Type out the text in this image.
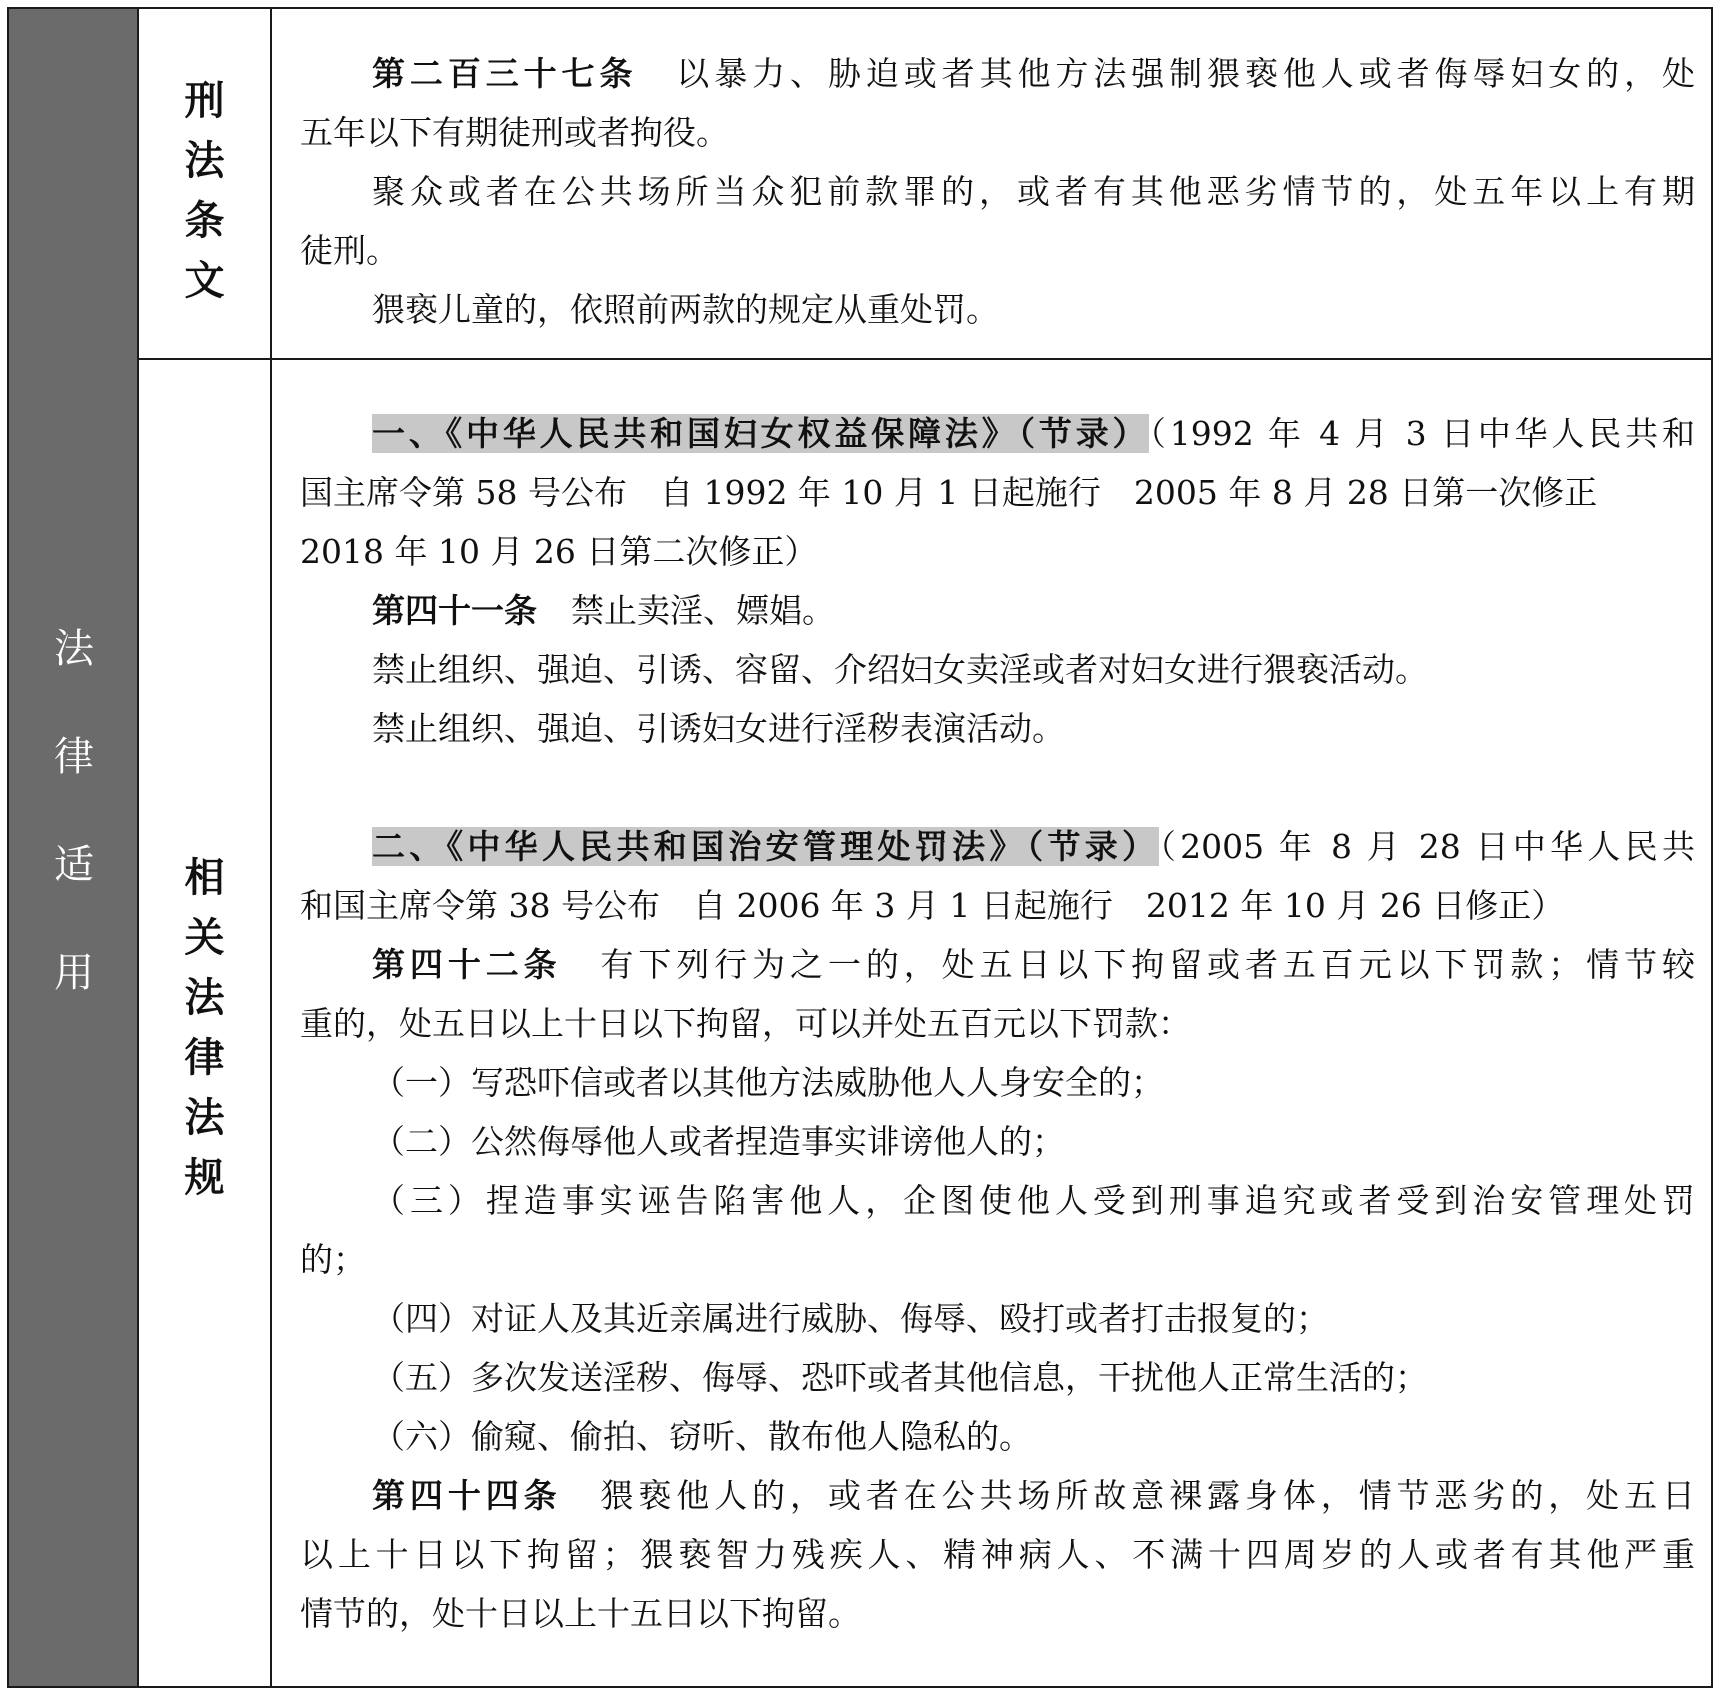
法
律
适
用
刑
法
条
文
第二百三十七条 以暴力、胁迫或者其他方法强制猥亵他人或者侮辱妇女的，处
五年以下有期徒刑或者拘役。
聚众或者在公共场所当众犯前款罪的，或者有其他恶劣情节的，处五年以上有期
徒刑。
猥亵儿童的，依照前两款的规定从重处罚。
相
关
法
律
法
规
一、《中华人民共和国妇女权益保障法》（节录）（1992 年 4 月 3 日中华人民共和
国主席令第 58 号公布　自 1992 年 10 月 1 日起施行　2005 年 8 月 28 日第一次修正
2018 年 10 月 26 日第二次修正）
第四十一条 禁止卖淫、嫖娼。
禁止组织、强迫、引诱、容留、介绍妇女卖淫或者对妇女进行猥亵活动。
禁止组织、强迫、引诱妇女进行淫秽表演活动。
二、《中华人民共和国治安管理处罚法》（节录）（2005 年 8 月 28 日中华人民共
和国主席令第 38 号公布　自 2006 年 3 月 1 日起施行　2012 年 10 月 26 日修正）
第四十二条 有下列行为之一的，处五日以下拘留或者五百元以下罚款；情节较
重的，处五日以上十日以下拘留，可以并处五百元以下罚款：
（一）写恐吓信或者以其他方法威胁他人人身安全的；
（二）公然侮辱他人或者捏造事实诽谤他人的；
（三）捏造事实诬告陷害他人，企图使他人受到刑事追究或者受到治安管理处罚
的；
（四）对证人及其近亲属进行威胁、侮辱、殴打或者打击报复的；
（五）多次发送淫秽、侮辱、恐吓或者其他信息，干扰他人正常生活的；
（六）偷窥、偷拍、窃听、散布他人隐私的。
第四十四条 猥亵他人的，或者在公共场所故意裸露身体，情节恶劣的，处五日
以上十日以下拘留；猥亵智力残疾人、精神病人、不满十四周岁的人或者有其他严重
情节的，处十日以上十五日以下拘留。
